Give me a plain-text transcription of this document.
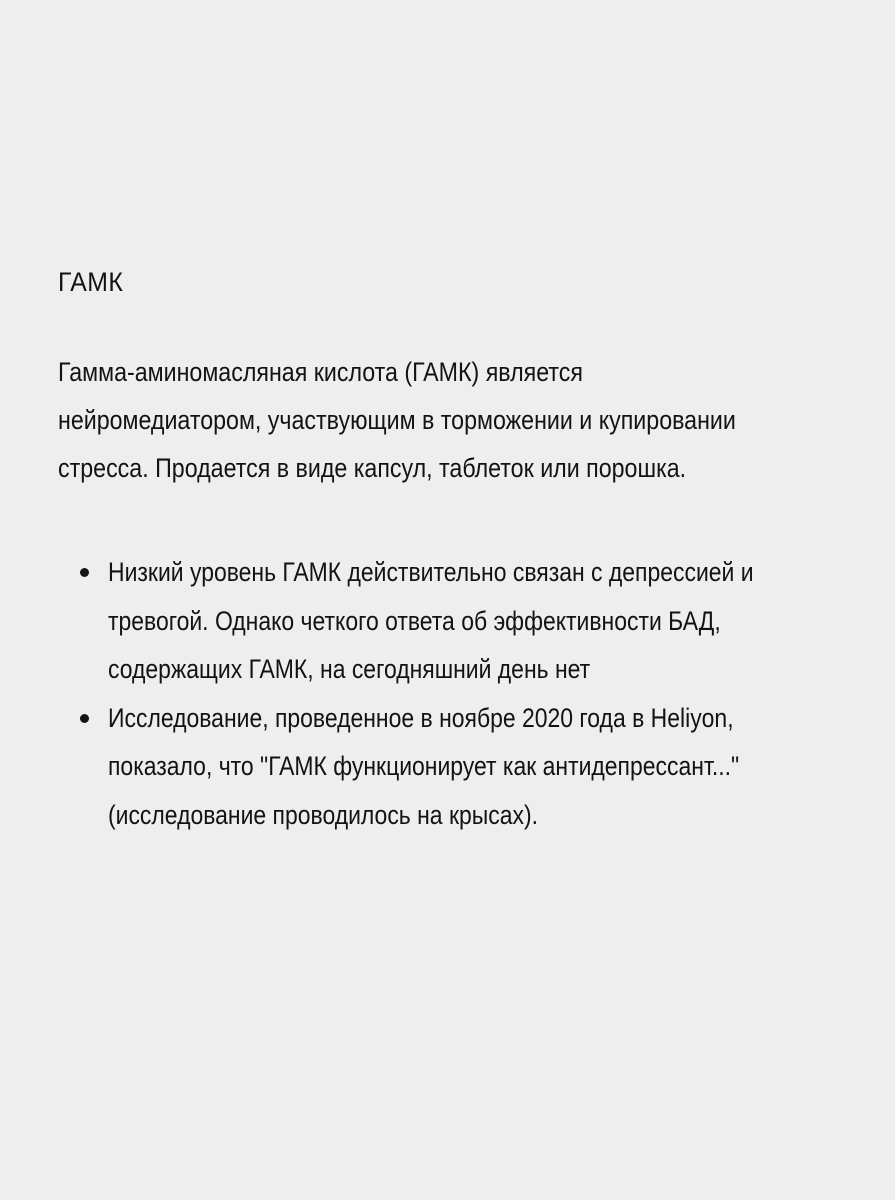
ГАМК

Гамма-аминомасляная кислота (ГАМК) является нейромедиатором, участвующим в торможении и купировании стресса. Продается в виде капсул, таблеток или порошка.

Низкий уровень ГАМК действительно связан с депрессией и тревогой. Однако четкого ответа об эффективности БАД, содержащих ГАМК, на сегодняшний день нет
Исследование, проведенное в ноябре 2020 года в Heliyon, показало, что "ГАМК функционирует как антидепрессант..." (исследование проводилось на крысах).
